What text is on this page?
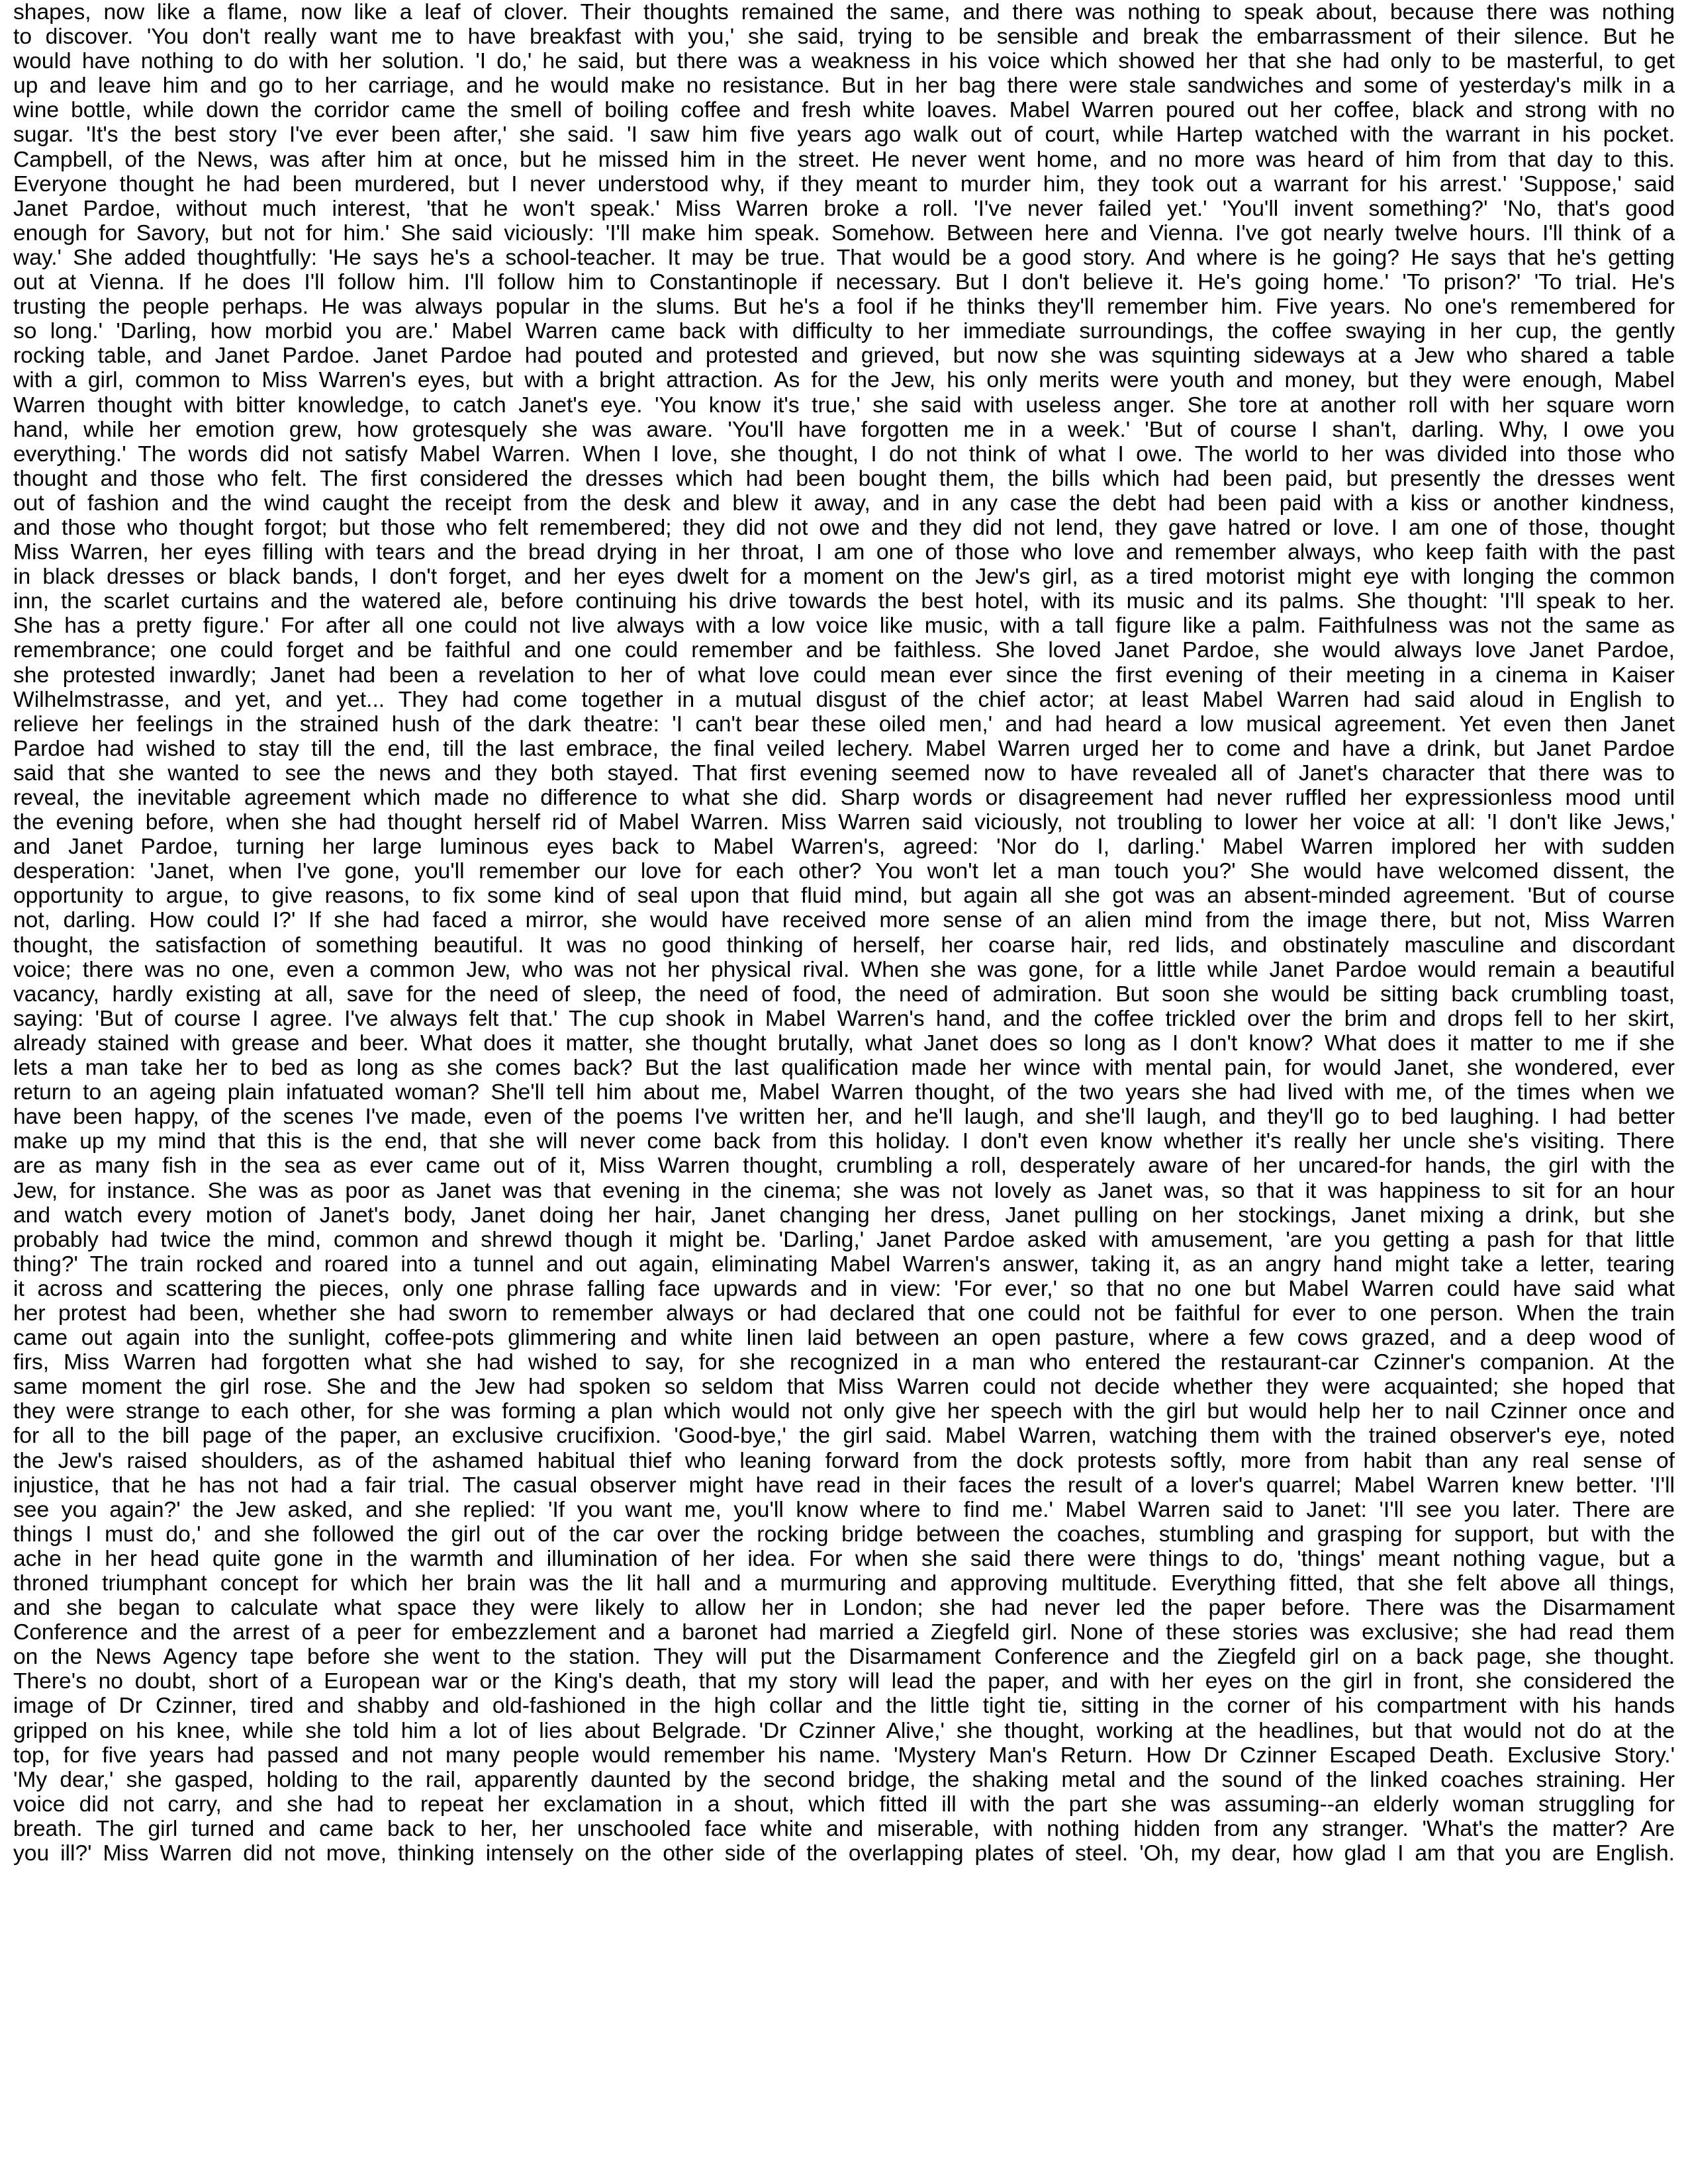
shapes, now like a flame, now like a leaf of clover. Their thoughts remained the same, and there was nothing to speak about, because there was nothing
to discover. 'You don't really want me to have breakfast with you,' she said, trying to be sensible and break the embarrassment of their silence. But he
would have nothing to do with her solution. 'I do,' he said, but there was a weakness in his voice which showed her that she had only to be masterful, to get
up and leave him and go to her carriage, and he would make no resistance. But in her bag there were stale sandwiches and some of yesterday's milk in a
wine bottle, while down the corridor came the smell of boiling coffee and fresh white loaves. Mabel Warren poured out her coffee, black and strong with no
sugar. 'It's the best story I've ever been after,' she said. 'I saw him five years ago walk out of court, while Hartep watched with the warrant in his pocket.
Campbell, of the News, was after him at once, but he missed him in the street. He never went home, and no more was heard of him from that day to this.
Everyone thought he had been murdered, but I never understood why, if they meant to murder him, they took out a warrant for his arrest.' 'Suppose,' said
Janet Pardoe, without much interest, 'that he won't speak.' Miss Warren broke a roll. 'I've never failed yet.' 'You'll invent something?' 'No, that's good
enough for Savory, but not for him.' She said viciously: 'I'll make him speak. Somehow. Between here and Vienna. I've got nearly twelve hours. I'll think of a
way.' She added thoughtfully: 'He says he's a school-teacher. It may be true. That would be a good story. And where is he going? He says that he's getting
out at Vienna. If he does I'll follow him. I'll follow him to Constantinople if necessary. But I don't believe it. He's going home.' 'To prison?' 'To trial. He's
trusting the people perhaps. He was always popular in the slums. But he's a fool if he thinks they'll remember him. Five years. No one's remembered for
so long.' 'Darling, how morbid you are.' Mabel Warren came back with difficulty to her immediate surroundings, the coffee swaying in her cup, the gently
rocking table, and Janet Pardoe. Janet Pardoe had pouted and protested and grieved, but now she was squinting sideways at a Jew who shared a table
with a girl, common to Miss Warren's eyes, but with a bright attraction. As for the Jew, his only merits were youth and money, but they were enough, Mabel
Warren thought with bitter knowledge, to catch Janet's eye. 'You know it's true,' she said with useless anger. She tore at another roll with her square worn
hand, while her emotion grew, how grotesquely she was aware. 'You'll have forgotten me in a week.' 'But of course I shan't, darling. Why, I owe you
everything.' The words did not satisfy Mabel Warren. When I love, she thought, I do not think of what I owe. The world to her was divided into those who
thought and those who felt. The first considered the dresses which had been bought them, the bills which had been paid, but presently the dresses went
out of fashion and the wind caught the receipt from the desk and blew it away, and in any case the debt had been paid with a kiss or another kindness,
and those who thought forgot; but those who felt remembered; they did not owe and they did not lend, they gave hatred or love. I am one of those, thought
Miss Warren, her eyes filling with tears and the bread drying in her throat, I am one of those who love and remember always, who keep faith with the past
in black dresses or black bands, I don't forget, and her eyes dwelt for a moment on the Jew's girl, as a tired motorist might eye with longing the common
inn, the scarlet curtains and the watered ale, before continuing his drive towards the best hotel, with its music and its palms. She thought: 'I'll speak to her.
She has a pretty figure.' For after all one could not live always with a low voice like music, with a tall figure like a palm. Faithfulness was not the same as
remembrance; one could forget and be faithful and one could remember and be faithless. She loved Janet Pardoe, she would always love Janet Pardoe,
she protested inwardly; Janet had been a revelation to her of what love could mean ever since the first evening of their meeting in a cinema in Kaiser
Wilhelmstrasse, and yet, and yet... They had come together in a mutual disgust of the chief actor; at least Mabel Warren had said aloud in English to
relieve her feelings in the strained hush of the dark theatre: 'I can't bear these oiled men,' and had heard a low musical agreement. Yet even then Janet
Pardoe had wished to stay till the end, till the last embrace, the final veiled lechery. Mabel Warren urged her to come and have a drink, but Janet Pardoe
said that she wanted to see the news and they both stayed. That first evening seemed now to have revealed all of Janet's character that there was to
reveal, the inevitable agreement which made no difference to what she did. Sharp words or disagreement had never ruffled her expressionless mood until
the evening before, when she had thought herself rid of Mabel Warren. Miss Warren said viciously, not troubling to lower her voice at all: 'I don't like Jews,'
and Janet Pardoe, turning her large luminous eyes back to Mabel Warren's, agreed: 'Nor do I, darling.' Mabel Warren implored her with sudden
desperation: 'Janet, when I've gone, you'll remember our love for each other? You won't let a man touch you?' She would have welcomed dissent, the
opportunity to argue, to give reasons, to fix some kind of seal upon that fluid mind, but again all she got was an absent-minded agreement. 'But of course
not, darling. How could I?' If she had faced a mirror, she would have received more sense of an alien mind from the image there, but not, Miss Warren
thought, the satisfaction of something beautiful. It was no good thinking of herself, her coarse hair, red lids, and obstinately masculine and discordant
voice; there was no one, even a common Jew, who was not her physical rival. When she was gone, for a little while Janet Pardoe would remain a beautiful
vacancy, hardly existing at all, save for the need of sleep, the need of food, the need of admiration. But soon she would be sitting back crumbling toast,
saying: 'But of course I agree. I've always felt that.' The cup shook in Mabel Warren's hand, and the coffee trickled over the brim and drops fell to her skirt,
already stained with grease and beer. What does it matter, she thought brutally, what Janet does so long as I don't know? What does it matter to me if she
lets a man take her to bed as long as she comes back? But the last qualification made her wince with mental pain, for would Janet, she wondered, ever
return to an ageing plain infatuated woman? She'll tell him about me, Mabel Warren thought, of the two years she had lived with me, of the times when we
have been happy, of the scenes I've made, even of the poems I've written her, and he'll laugh, and she'll laugh, and they'll go to bed laughing. I had better
make up my mind that this is the end, that she will never come back from this holiday. I don't even know whether it's really her uncle she's visiting. There
are as many fish in the sea as ever came out of it, Miss Warren thought, crumbling a roll, desperately aware of her uncared-for hands, the girl with the
Jew, for instance. She was as poor as Janet was that evening in the cinema; she was not lovely as Janet was, so that it was happiness to sit for an hour
and watch every motion of Janet's body, Janet doing her hair, Janet changing her dress, Janet pulling on her stockings, Janet mixing a drink, but she
probably had twice the mind, common and shrewd though it might be. 'Darling,' Janet Pardoe asked with amusement, 'are you getting a pash for that little
thing?' The train rocked and roared into a tunnel and out again, eliminating Mabel Warren's answer, taking it, as an angry hand might take a letter, tearing
it across and scattering the pieces, only one phrase falling face upwards and in view: 'For ever,' so that no one but Mabel Warren could have said what
her protest had been, whether she had sworn to remember always or had declared that one could not be faithful for ever to one person. When the train
came out again into the sunlight, coffee-pots glimmering and white linen laid between an open pasture, where a few cows grazed, and a deep wood of
firs, Miss Warren had forgotten what she had wished to say, for she recognized in a man who entered the restaurant-car Czinner's companion. At the
same moment the girl rose. She and the Jew had spoken so seldom that Miss Warren could not decide whether they were acquainted; she hoped that
they were strange to each other, for she was forming a plan which would not only give her speech with the girl but would help her to nail Czinner once and
for all to the bill page of the paper, an exclusive crucifixion. 'Good-bye,' the girl said. Mabel Warren, watching them with the trained observer's eye, noted
the Jew's raised shoulders, as of the ashamed habitual thief who leaning forward from the dock protests softly, more from habit than any real sense of
injustice, that he has not had a fair trial. The casual observer might have read in their faces the result of a lover's quarrel; Mabel Warren knew better. 'I'll
see you again?' the Jew asked, and she replied: 'If you want me, you'll know where to find me.' Mabel Warren said to Janet: 'I'll see you later. There are
things I must do,' and she followed the girl out of the car over the rocking bridge between the coaches, stumbling and grasping for support, but with the
ache in her head quite gone in the warmth and illumination of her idea. For when she said there were things to do, 'things' meant nothing vague, but a
throned triumphant concept for which her brain was the lit hall and a murmuring and approving multitude. Everything fitted, that she felt above all things,
and she began to calculate what space they were likely to allow her in London; she had never led the paper before. There was the Disarmament
Conference and the arrest of a peer for embezzlement and a baronet had married a Ziegfeld girl. None of these stories was exclusive; she had read them
on the News Agency tape before she went to the station. They will put the Disarmament Conference and the Ziegfeld girl on a back page, she thought.
There's no doubt, short of a European war or the King's death, that my story will lead the paper, and with her eyes on the girl in front, she considered the
image of Dr Czinner, tired and shabby and old-fashioned in the high collar and the little tight tie, sitting in the corner of his compartment with his hands
gripped on his knee, while she told him a lot of lies about Belgrade. 'Dr Czinner Alive,' she thought, working at the headlines, but that would not do at the
top, for five years had passed and not many people would remember his name. 'Mystery Man's Return. How Dr Czinner Escaped Death. Exclusive Story.'
'My dear,' she gasped, holding to the rail, apparently daunted by the second bridge, the shaking metal and the sound of the linked coaches straining. Her
voice did not carry, and she had to repeat her exclamation in a shout, which fitted ill with the part she was assuming--an elderly woman struggling for
breath. The girl turned and came back to her, her unschooled face white and miserable, with nothing hidden from any stranger. 'What's the matter? Are
you ill?' Miss Warren did not move, thinking intensely on the other side of the overlapping plates of steel. 'Oh, my dear, how glad I am that you are English.
